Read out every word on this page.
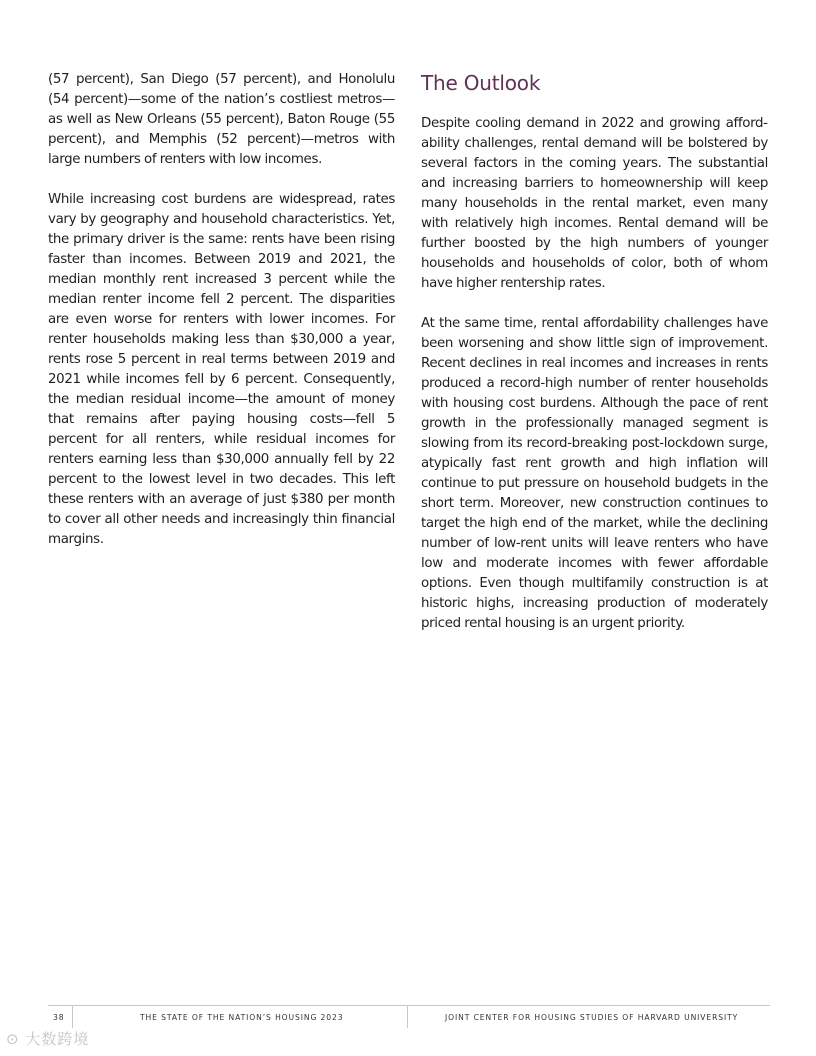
(57 percent), San Diego (57 percent), and Honolulu (54 percent)—some of the nation’s costliest metros—as well as New Orleans (55 percent), Baton Rouge (55 percent), and Memphis (52 percent)—metros with large numbers of renters with low incomes.

While increasing cost burdens are widespread, rates vary by geography and household characteristics. Yet, the primary driver is the same: rents have been rising faster than incomes. Between 2019 and 2021, the median monthly rent increased 3 percent while the median renter income fell 2 percent. The disparities are even worse for renters with lower incomes. For renter households making less than $30,000 a year, rents rose 5 percent in real terms between 2019 and 2021 while incomes fell by 6 percent. Consequently, the median residual income—the amount of money that remains after paying housing costs—fell 5 percent for all renters, while residual incomes for renters earning less than $30,000 annually fell by 22 percent to the lowest level in two decades. This left these renters with an average of just $380 per month to cover all other needs and increasingly thin financial margins.

The Outlook

Despite cooling demand in 2022 and growing affordability challenges, rental demand will be bolstered by several factors in the coming years. The substantial and increasing barriers to homeownership will keep many households in the rental market, even many with relatively high incomes. Rental demand will be further boosted by the high numbers of younger households and households of color, both of whom have higher rentership rates.

At the same time, rental affordability challenges have been worsening and show little sign of improvement. Recent declines in real incomes and increases in rents produced a record-high number of renter households with housing cost burdens. Although the pace of rent growth in the professionally managed segment is slowing from its record-breaking post-lockdown surge, atypically fast rent growth and high inflation will continue to put pressure on household budgets in the short term. Moreover, new construction continues to target the high end of the market, while the declining number of low-rent units will leave renters who have low and moderate incomes with fewer affordable options. Even though multifamily construction is at historic highs, increasing production of moderately priced rental housing is an urgent priority.

38	THE STATE OF THE NATION’S HOUSING 2023	JOINT CENTER FOR HOUSING STUDIES OF HARVARD UNIVERSITY
⊙ 大数跨境
